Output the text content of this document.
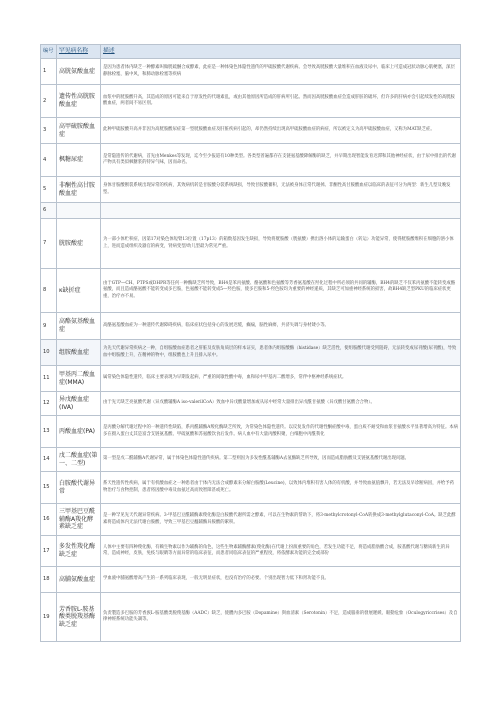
编号	罕见病名称	描述
1	高胱氨酸血症	是因为患者体内缺乏一种酵素叫做胱硫醚合成酵素，此症是一种体染色体隐性遗传的甲硫胺酸代谢疾病。会导致高胱胺酸大量堆积在血液及尿中。临床上可造成冠状动脉心肌梗塞，深层静脉栓塞，脑中风，和肺动脉栓塞等疾病
2	遗传性高胱胺酸血症	血浆中的胱胺酸升高，其造成的原因可能来自于原发性的代谢素乱，或由其他原因所造成的肝病所引起。然而因高胱胺酸血症会造成肝脏的破坏，但许多的肝病亦会引起续发性的高胱胺酸血症，两者间不易区别。
3	高甲硫胺酸血症	此种甲硫胺酸升高并非因为高胱胺酸尿症第一型胱胺酸血症及肝脏疾病引起的，却仍然持续出现高甲硫胺酸血症的病症，所以被定义为高甲硫胺酸血症，又称为MAT缺乏症。
4	枫糖尿症	是常隐遗传的代谢病，首先由Menkes等发现，迄今至少报道有10种类型。各类型普遍都存在支链氨基酸降解酶的缺乏，并早期出现智能发育迟滞和其他神经症状，由于尿中排出的代谢产物具有类似枫糖浆的特异气味，因而命名。
5	非酮性高甘胺酸血症	身体甘胺酸断裂系统出现异常的疾病，其致病机转是甘胺酸分裂系统缺损，导致甘胺酸蓄积，无法被身体正常代谢掉。非酮性高甘胺酸血症以临床的表征可分为两型：新生儿型及晚发型。
6		
7	胱胺酸症	为一部小体贮积症，因第17对染色体短臂13位置（17p13）的箱数基因发生缺损，导致将胱胺酸（胱氨酸）携出溶小体的运输蛋白（转运）功能异常，使得胱胺酸堆积在细胞的溶小体上，进而造成组织及器官的病变，肾病变型/幼儿型最为常见严重。
8	κ缺折症	由于GTP—CH、PTPS或DHPR等任何一种酶缺乏所导致，BH4是苯丙氨酸、酪氨酸和色氨酸等芳香氨基酸在羟化过程中所必须的共同的辅酶，BH4的缺乏不仅苯丙氨酸不能转变成酪氨酸，而且造成酪氨酸不能转变成多巴胺，色氨酸不能转变成5—羟色胺，使多巴胺和5-羟色胺均为重要的神经递质，其缺乏可加重神经系统的损害，故BH4缺乏型PKU的临床症状更重，治疗亦不易。
9	高酪氨基酸血症	高酪氨基酸血症为一种遗传代谢障碍疾病，临床症状包括身心的发展迟缓，癫痫，脑性麻痹，共济失调与身材矮小等。
10	组胺酸血症	为先天代谢异常疾病之一种，自组胺酸血症患者之肝脏及皮肤角质层的样本证实，患者体内组胺酸酶（histidase）缺乏活性，使组胺酸代谢受到阻碍，无法转变成尿刊酸(尿刊酸)，导致血中组胺酸上升，在精神的物中，组胺酸也上升且排入尿中。
11	甲基丙二酸血症(MMA)	属常染色体隐性遗传，临床主要表现为早期发起病，严重的间歇性酸中毒，血和尿中甲基丙二酸增多，常伴中枢神经系统症状。
12	异戊酸血症(IVA)	由于先天缺乏亮氨酸代谢（异戊酸辅酶A iso-valerilCoA）致血中异戊酸量增加或从尿中经常大量排出异戊酰甘氨酸（异戊酸甘氨酸合合物）。
13	丙酸血症(PA)	是丙酸分解代谢过程中的一种遗传性缺陷，系丙酰辅酶A羧化酶缺乏所致，为常染色体隐性遗传。以反复发作的代谢性酮症酸中毒，蛋白质不耐受和血浆甘氨酸水平显著增高为特征。本病多在摄入蛋白丈其是富含支链氨基酸、甲硫氨酸和苏氨酸饮食后发作。病人血中有大量丙酸积聚，白细胞中丙酰我化
14	戊二酸血症(第一、二型)	第一型是戊二酰辅酶A代谢异常，属于体染色体隐性遗传疾病。第二型则因为多发性酰基辅酶A去氢酶缺乏所导致，因而造成脂肪酸及支链氨基酸代谢出现问题。
15	白胺酸代谢异常	系天性遗传性疾病，属于有机酸血症之一种患者由于体内无法合成酵素来分解白胺酸(Leucine)，以致体内堆积有害人体的有机酸，并导致血氨值飘升，若无法及早诊断病因，并给予药物治疗与食物控制，患者将因酸中毒及血氨过高而致智障甚或死亡。
16	三甲基巴豆酰辅酶A羧化酵素缺乏症	是一种罕见先天代谢异常疾病。3-甲基巴豆酰辅酶素羧化酶是白胺酸代谢所需之酵素，可以在生物素的帮助下，将3-methylcrotonyl-CoA转换成3-methylglutaconyl-CoA。缺乏此酵素将造成体内无法代谢白胺酸，导致三甲基巴豆醯辅酶异胺酸的累积。
17	多发性羧化酶缺乏症	人体中主要有四种羧化酶，有赖生物素以作为辅酶的角色，这些生物素辅酶酵素(羧化酶)在代谢上扮演重要的角色，若发生功能不足，将造成脂肪酸合成，胺基酸代谢与糖质新生的异常，造成神经，皮肤，免疫与眼睛等方面异常的临床表征，而患者同临床表征的严重程度，将依酵素功能的完全或部份
18	高脯氨酸血症	学血液中脯氨酸增高产生的一系列临床表现，一般无明显症状，也没有治疗的必要。个别出现智力低下和肾功能不良。
19	芳香胺L-胺基酸类脱羧基酶缺乏症	负责製造多巴胺的芳香族L-胺基酸类脱羧基酶（AADC）缺乏，使體內多巴胺（Dopamine）與血清素（Serotonin）不足，造成腦垂的發展遲緩、眼動危象（Oculogyriccrises）及自律神經系统功能失調等。
